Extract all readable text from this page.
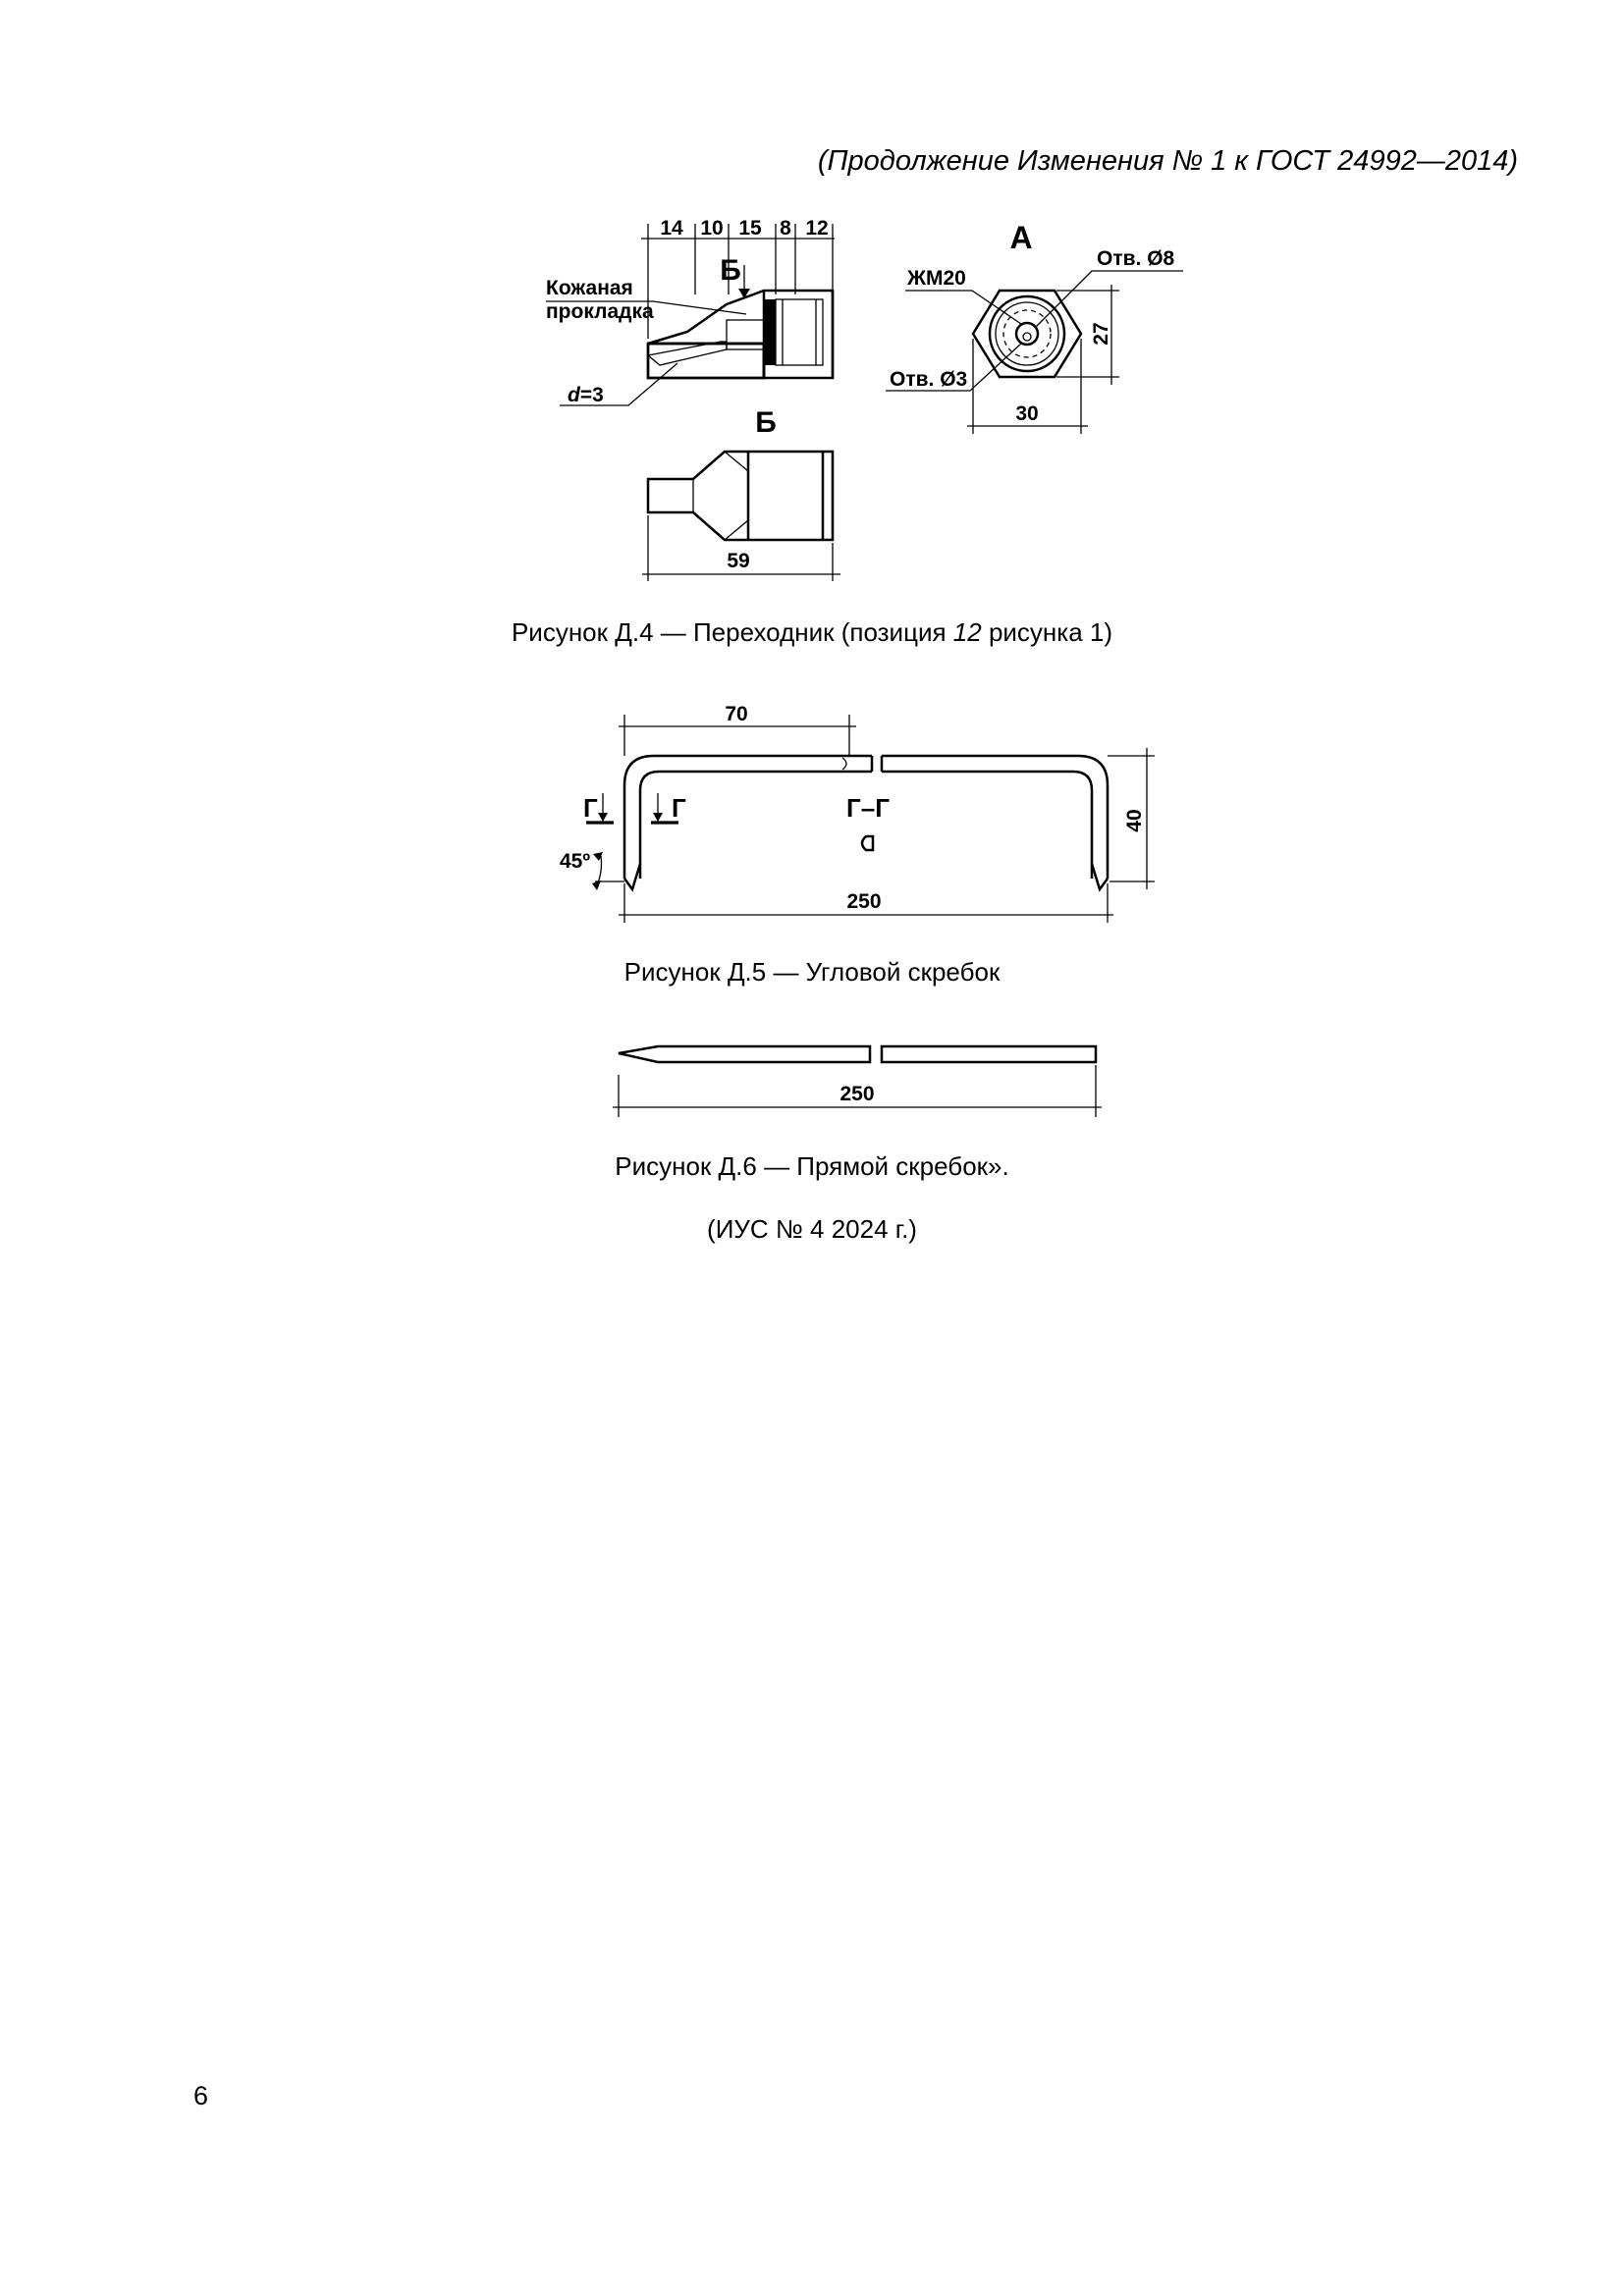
(Продолжение Изменения № 1 к ГОСТ 24992—2014)
14 10 15 8 12
Б
Кожаная
прокладка
d=3
А
ЖМ20
Отв. Ø8
Отв. Ø3
27
30
Б
59
70
40
250
Г	Г	Г–Г
45º
250
Рисунок Д.4 — Переходник (позиция 12 рисунка 1)
Рисунок Д.5 — Угловой скребок
Рисунок Д.6 — Прямой скребок».
(ИУС № 4 2024 г.)
6
